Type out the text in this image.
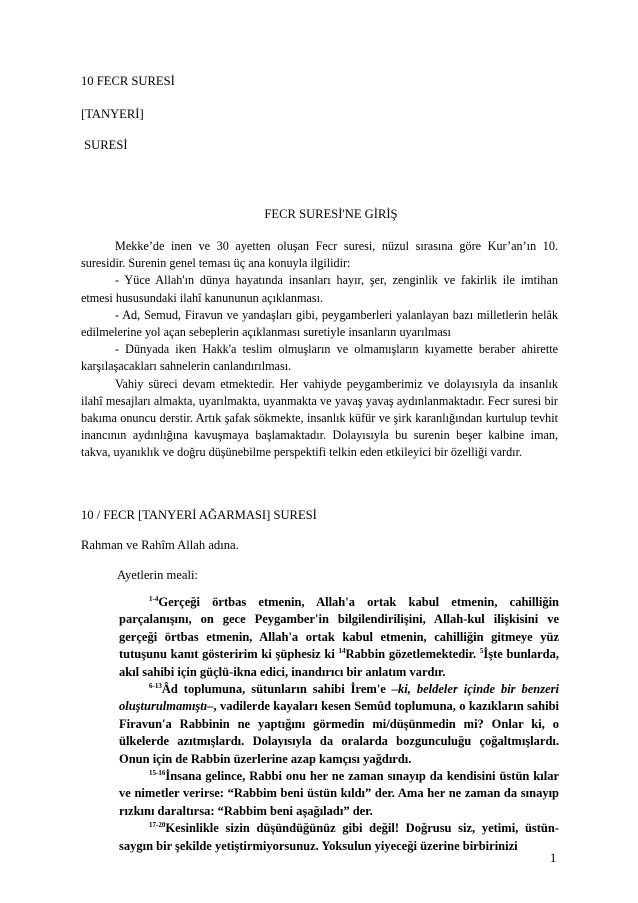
10 FECR SURESİ
[TANYERİ]
SURESİ
FECR SURESİ'NE GİRİŞ

Mekke’de inen ve 30 ayetten oluşan Fecr suresi, nüzul sırasına göre Kur’an’ın 10. suresidir. Surenin genel teması üç ana konuyla ilgilidir:

- Yüce Allah'ın dünya hayatında insanları hayır, şer, zenginlik ve fakirlik ile imtihan etmesi hususundaki ilahî kanununun açıklanması.

- Ad, Semud, Firavun ve yandaşları gibi, peygamberleri yalanlayan bazı milletlerin helâk edilmelerine yol açan sebeplerin açıklanması suretiyle insanların uyarılması

- Dünyada iken Hakk'a teslim olmuşların ve olmamışların kıyamette beraber ahirette karşılaşacakları sahnelerin canlandırılması.

Vahiy süreci devam etmektedir. Her vahiyde peygamberimiz ve dolayısıyla da insanlık ilahî mesajları almakta, uyarılmakta, uyanmakta ve yavaş yavaş aydınlanmaktadır. Fecr suresi bir bakıma onuncu derstir. Artık şafak sökmekte, insanlık küfür ve şirk karanlığından kurtulup tevhit inancının aydınlığına kavuşmaya başlamaktadır. Dolayısıyla bu surenin beşer kalbine iman, takva, uyanıklık ve doğru düşünebilme perspektifi telkin eden etkileyici bir özelliği vardır.

10 / FECR [TANYERİ AĞARMASI] SURESİ
Rahman ve Rahîm Allah adına.
Ayetlerin meali:

$^{1-4}$Gerçeği örtbas etmenin, Allah'a ortak kabul etmenin, cahilliğin parçalanışını, on gece Peygamber'in bilgilendirilişini, Allah-kul ilişkisini ve gerçeği örtbas etmenin, Allah'a ortak kabul etmenin, cahilliğin gitmeye yüz tutuşunu kanıt gösteririm ki şüphesiz ki $^{14}$Rabbin gözetlemektedir. $^5$İşte bunlarda, akıl sahibi için güçlü-ikna edici, inandırıcı bir anlatım vardır.

$^{6-13}$Âd toplumuna, sütunların sahibi İrem'e –ki, beldeler içinde bir benzeri oluşturulmamıştı–, vadilerde kayaları kesen Semûd toplumuna, o kazıkların sahibi Firavun'a Rabbinin ne yaptığını görmedin mi/düşünmedin mi? Onlar ki, o ülkelerde azıtmışlardı. Dolayısıyla da oralarda bozgunculuğu çoğaltmışlardı. Onun için de Rabbin üzerlerine azap kamçısı yağdırdı.

$^{15-16}$İnsana gelince, Rabbi onu her ne zaman sınayıp da kendisini üstün kılar ve nimetler verirse: “Rabbim beni üstün kıldı” der. Ama her ne zaman da sınayıp rızkını daraltırsa: “Rabbim beni aşağıladı” der.

$^{17-20}$Kesinlikle sizin düşündüğünüz gibi değil! Doğrusu siz, yetimi, üstün-saygın bir şekilde yetiştirmiyorsunuz. Yoksulun yiyeceği üzerine birbirinizi

1
